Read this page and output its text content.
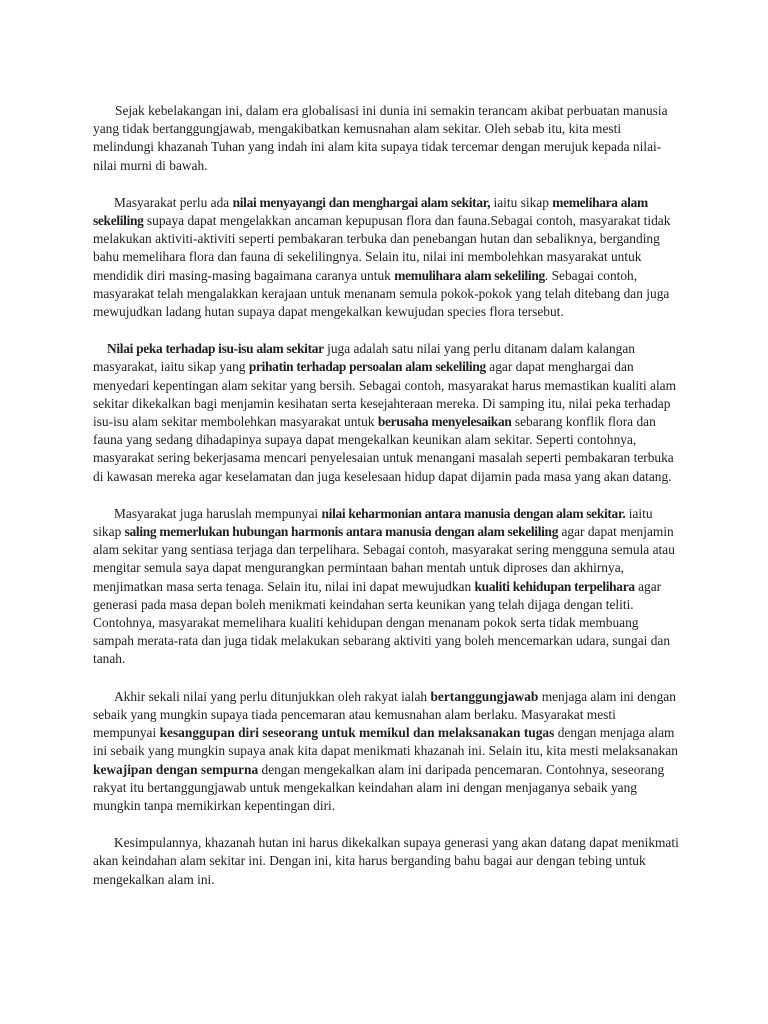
Sejak kebelakangan ini, dalam era globalisasi ini dunia ini semakin terancam akibat perbuatan manusia yang tidak bertanggungjawab, mengakibatkan kemusnahan alam sekitar. Oleh sebab itu, kita mesti melindungi khazanah Tuhan yang indah ini alam kita supaya tidak tercemar dengan merujuk kepada nilai-nilai murni di bawah.

Masyarakat perlu ada nilai menyayangi dan menghargai alam sekitar, iaitu sikap memelihara alam sekeliling supaya dapat mengelakkan ancaman kepupusan flora dan fauna.Sebagai contoh, masyarakat tidak melakukan aktiviti-aktiviti seperti pembakaran terbuka dan penebangan hutan dan sebaliknya, berganding bahu memelihara flora dan fauna di sekelilingnya. Selain itu, nilai ini membolehkan masyarakat untuk mendidik diri masing-masing bagaimana caranya untuk memulihara alam sekeliling. Sebagai contoh, masyarakat telah mengalakkan kerajaan untuk menanam semula pokok-pokok yang telah ditebang dan juga mewujudkan ladang hutan supaya dapat mengekalkan kewujudan species flora tersebut.

Nilai peka terhadap isu-isu alam sekitar juga adalah satu nilai yang perlu ditanam dalam kalangan masyarakat, iaitu sikap yang prihatin terhadap persoalan alam sekeliling agar dapat menghargai dan menyedari kepentingan alam sekitar yang bersih. Sebagai contoh, masyarakat harus memastikan kualiti alam sekitar dikekalkan bagi menjamin kesihatan serta kesejahteraan mereka. Di samping itu, nilai peka terhadap isu-isu alam sekitar membolehkan masyarakat untuk berusaha menyelesaikan sebarang konflik flora dan fauna yang sedang dihadapinya supaya dapat mengekalkan keunikan alam sekitar. Seperti contohnya, masyarakat sering bekerjasama mencari penyelesaian untuk menangani masalah seperti pembakaran terbuka di kawasan mereka agar keselamatan dan juga keselesaan hidup dapat dijamin pada masa yang akan datang.

Masyarakat juga haruslah mempunyai nilai keharmonian antara manusia dengan alam sekitar. iaitu sikap saling memerlukan hubungan harmonis antara manusia dengan alam sekeliling agar dapat menjamin alam sekitar yang sentiasa terjaga dan terpelihara. Sebagai contoh, masyarakat sering mengguna semula atau mengitar semula saya dapat mengurangkan permintaan bahan mentah untuk diproses dan akhirnya, menjimatkan masa serta tenaga. Selain itu, nilai ini dapat mewujudkan kualiti kehidupan terpelihara agar generasi pada masa depan boleh menikmati keindahan serta keunikan yang telah dijaga dengan teliti. Contohnya, masyarakat memelihara kualiti kehidupan dengan menanam pokok serta tidak membuang sampah merata-rata dan juga tidak melakukan sebarang aktiviti yang boleh mencemarkan udara, sungai dan tanah.

Akhir sekali nilai yang perlu ditunjukkan oleh rakyat ialah bertanggungjawab menjaga alam ini dengan sebaik yang mungkin supaya tiada pencemaran atau kemusnahan alam berlaku. Masyarakat mesti mempunyai kesanggupan diri seseorang untuk memikul dan melaksanakan tugas dengan menjaga alam ini sebaik yang mungkin supaya anak kita dapat menikmati khazanah ini. Selain itu, kita mesti melaksanakan kewajipan dengan sempurna dengan mengekalkan alam ini daripada pencemaran. Contohnya, seseorang rakyat itu bertanggungjawab untuk mengekalkan keindahan alam ini dengan menjaganya sebaik yang mungkin tanpa memikirkan kepentingan diri.

Kesimpulannya, khazanah hutan ini harus dikekalkan supaya generasi yang akan datang dapat menikmati akan keindahan alam sekitar ini. Dengan ini, kita harus berganding bahu bagai aur dengan tebing untuk mengekalkan alam ini.
